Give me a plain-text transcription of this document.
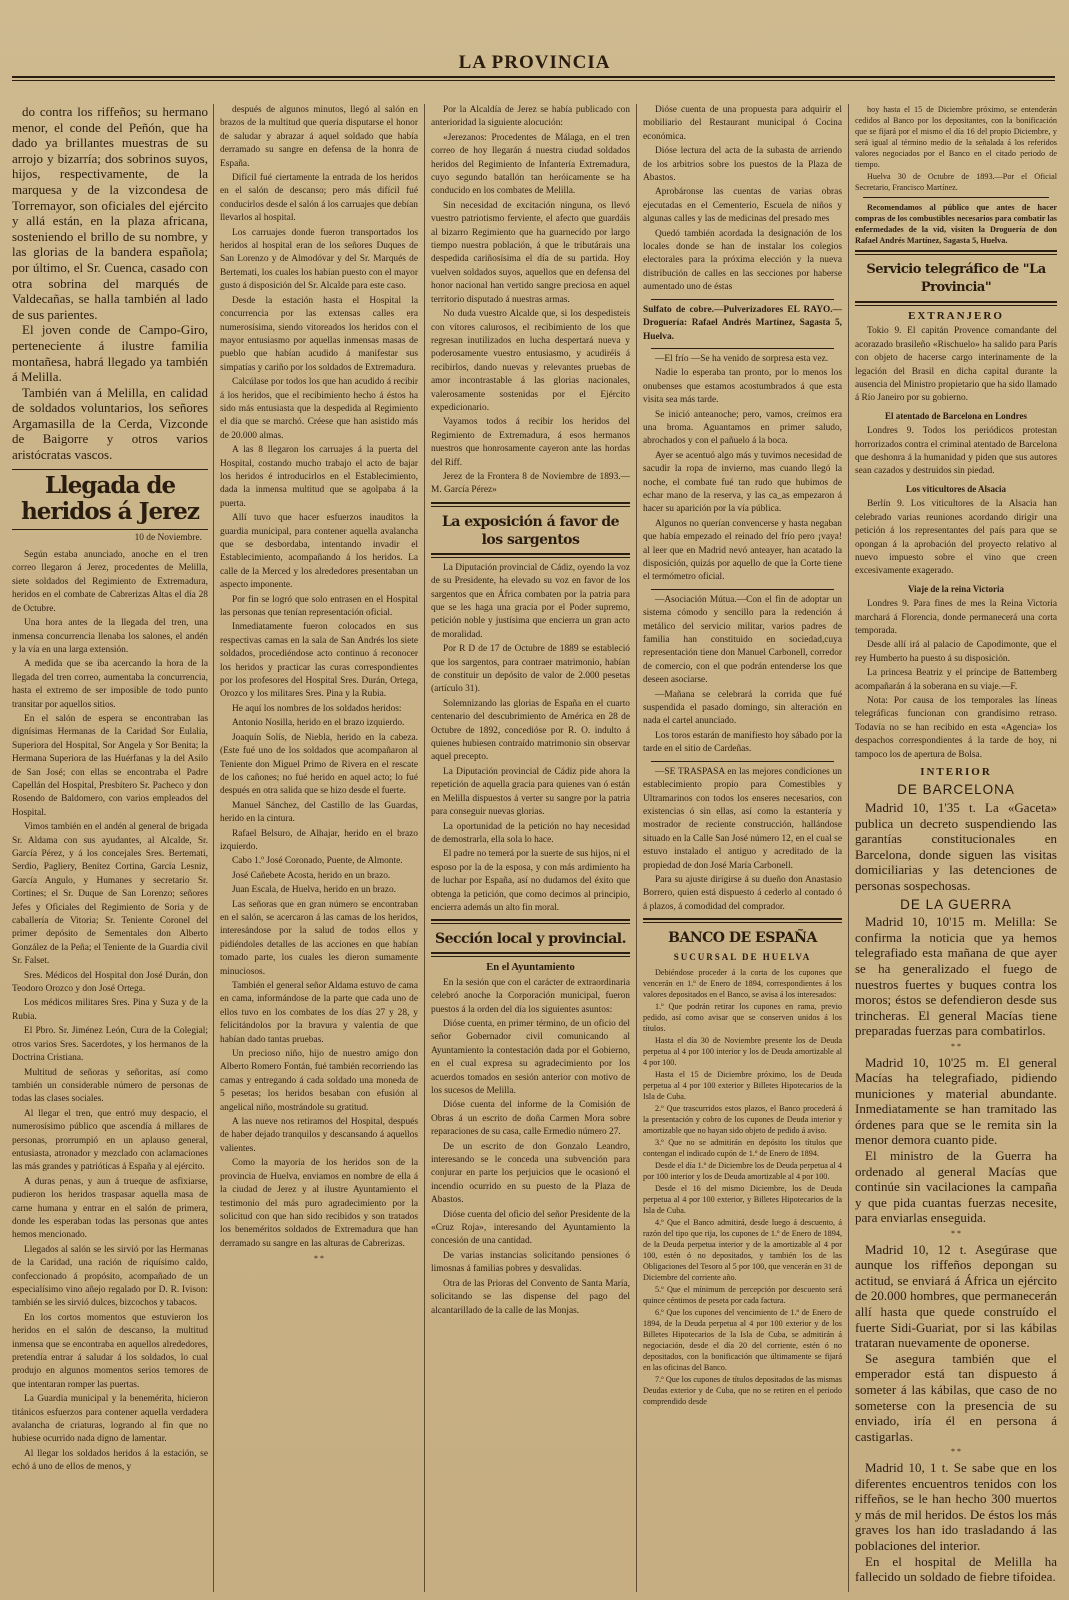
LA PROVINCIA

do contra los riffeños; su hermano menor, el conde del Peñón, que ha dado ya brillantes muestras de su arrojo y bizarría; dos sobrinos suyos, hijos, respectivamente, de la marquesa y de la vizcondesa de Torremayor, son oficiales del ejército y allá están, en la plaza africana, sosteniendo el brillo de su nombre, y las glorias de la bandera española; por último, el Sr. Cuenca, casado con otra sobrina del marqués de Valdecañas, se halla también al lado de sus parientes.

El joven conde de Campo-Giro, perteneciente á ilustre familia montañesa, habrá llegado ya también á Melilla.

También van á Melilla, en calidad de soldados voluntarios, los señores Argamasilla de la Cerda, Vizconde de Baigorre y otros varios aristócratas vascos.

Llegada de heridos á Jerez
10 de Noviembre.

Según estaba anunciado, anoche en el tren correo llegaron á Jerez, procedentes de Melilla, siete soldados del Regimiento de Extremadura, heridos en el combate de Cabrerizas Altas el día 28 de Octubre.

Una hora antes de la llegada del tren, una inmensa concurrencia llenaba los salones, el andén y la vía en una larga extensión.

A medida que se iba acercando la hora de la llegada del tren correo, aumentaba la concurrencia, hasta el extremo de ser imposible de todo punto transitar por aquellos sitios.

En el salón de espera se encontraban las dignísimas Hermanas de la Caridad Sor Eulalia, Superiora del Hospital, Sor Angela y Sor Benita; la Hermana Superiora de las Huérfanas y la del Asilo de San José; con ellas se encontraba el Padre Capellán del Hospital, Presbítero Sr. Pacheco y don Rosendo de Baldomero, con varios empleados del Hospital.

Vimos también en el andén al general de brigada Sr. Aldama con sus ayudantes, al Alcalde, Sr. García Pérez, y á los concejales Sres. Bertemati, Serdio, Pagliery, Benítez Cortina, García Lesniz, García Angulo, y Humanes y secretario Sr. Cortines; el Sr. Duque de San Lorenzo; señores Jefes y Oficiales del Regimiento de Soria y de caballería de Vitoria; Sr. Teniente Coronel del primer depósito de Sementales don Alberto González de la Peña; el Teniente de la Guardia civil Sr. Falset.

Sres. Médicos del Hospital don José Durán, don Teodoro Orozco y don José Ortega.

Los médicos militares Sres. Pina y Suza y de la Rubia.

El Pbro. Sr. Jiménez León, Cura de la Colegial; otros varios Sres. Sacerdotes, y los hermanos de la Doctrina Cristiana.

Multitud de señoras y señoritas, así como también un considerable número de personas de todas las clases sociales.

Al llegar el tren, que entró muy despacio, el numerosísimo público que ascendía á millares de personas, prorrumpió en un aplauso general, entusiasta, atronador y mezclado con aclamaciones las más grandes y patrióticas á España y al ejército.

A duras penas, y aun á trueque de asfixiarse, pudieron los heridos traspasar aquella masa de carne humana y entrar en el salón de primera, donde les esperaban todas las personas que antes hemos mencionado.

Llegados al salón se les sirvió por las Hermanas de la Caridad, una ración de riquísimo caldo, confeccionado á propósito, acompañado de un especialísimo vino añejo regalado por D. R. Ivison: también se les sirvió dulces, bizcochos y tabacos.

En los cortos momentos que estuvieron los heridos en el salón de descanso, la multitud inmensa que se encontraba en aquellos alrededores, pretendía entrar á saludar á los soldados, lo cual produjo en algunos momentos serios temores de que intentaran romper las puertas.

La Guardia municipal y la benemérita, hicieron titánicos esfuerzos para contener aquella verdadera avalancha de criaturas, logrando al fin que no hubiese ocurrido nada digno de lamentar.

Al llegar los soldados heridos á la estación, se echó á uno de ellos de menos, y

después de algunos minutos, llegó al salón en brazos de la multitud que quería disputarse el honor de saludar y abrazar á aquel soldado que había derramado su sangre en defensa de la honra de España.

Difícil fué ciertamente la entrada de los heridos en el salón de descanso; pero más difícil fué conducirlos desde el salón á los carruajes que debían llevarlos al hospital.

Los carruajes donde fueron transportados los heridos al hospital eran de los señores Duques de San Lorenzo y de Almodóvar y del Sr. Marqués de Bertemati, los cuales los habían puesto con el mayor gusto á disposición del Sr. Alcalde para este caso.

Desde la estación hasta el Hospital la concurrencia por las extensas calles era numerosísima, siendo vitoreados los heridos con el mayor entusiasmo por aquellas inmensas masas de pueblo que habían acudido á manifestar sus simpatías y cariño por los soldados de Extremadura.

Calcúlase por todos los que han acudido á recibir á los heridos, que el recibimiento hecho á éstos ha sido más entusiasta que la despedida al Regimiento el día que se marchó. Créese que han asistido más de 20.000 almas.

A las 8 llegaron los carruajes á la puerta del Hospital, costando mucho trabajo el acto de bajar los heridos é introducirlos en el Establecimiento, dada la inmensa multitud que se agolpaba á la puerta.

Allí tuvo que hacer esfuerzos inauditos la guardia municipal, para contener aquella avalancha que se desbordaba, intentando invadir el Establecimiento, acompañando á los heridos. La calle de la Merced y los alrededores presentaban un aspecto imponente.

Por fin se logró que solo entrasen en el Hospital las personas que tenían representación oficial.

Inmediatamente fueron colocados en sus respectivas camas en la sala de San Andrés los siete soldados, procediéndose acto continuo á reconocer los heridos y practicar las curas correspondientes por los profesores del Hospital Sres. Durán, Ortega, Orozco y los militares Sres. Pina y la Rubia.

He aquí los nombres de los soldados heridos:

Antonio Nosilla, herido en el brazo izquierdo.

Joaquín Solís, de Niebla, herido en la cabeza. (Este fué uno de los soldados que acompañaron al Teniente don Miguel Primo de Rivera en el rescate de los cañones; no fué herido en aquel acto; lo fué después en otra salida que se hizo desde el fuerte.

Manuel Sánchez, del Castillo de las Guardas, herido en la cintura.

Rafael Belsuro, de Alhajar, herido en el brazo izquierdo.

Cabo 1.º José Coronado, Puente, de Almonte.

José Cañebete Acosta, herido en un brazo.

Juan Escala, de Huelva, herido en un brazo.

Las señoras que en gran número se encontraban en el salón, se acercaron á las camas de los heridos, interesándose por la salud de todos ellos y pidiéndoles detalles de las acciones en que habían tomado parte, los cuales les dieron sumamente minuciosos.

También el general señor Aldama estuvo de cama en cama, informándose de la parte que cada uno de ellos tuvo en los combates de los días 27 y 28, y felicitándolos por la bravura y valentía de que habían dado tantas pruebas.

Un precioso niño, hijo de nuestro amigo don Alberto Romero Fontán, fué también recorriendo las camas y entregando á cada soldado una moneda de 5 pesetas; los heridos besaban con efusión al angelical niño, mostrándole su gratitud.

A las nueve nos retiramos del Hospital, después de haber dejado tranquilos y descansando á aquellos valientes.

Como la mayoría de los heridos son de la provincia de Huelva, enviamos en nombre de ella á la ciudad de Jerez y al ilustre Ayuntamiento el testimonio del más puro agradecimiento por la solicitud con que han sido recibidos y son tratados los beneméritos soldados de Extremadura que han derramado su sangre en las alturas de Cabrerizas.

* *

Por la Alcaldía de Jerez se había publicado con anterioridad la siguiente alocución:

«Jerezanos: Procedentes de Málaga, en el tren correo de hoy llegarán á nuestra ciudad soldados heridos del Regimiento de Infantería Extremadura, cuyo segundo batallón tan heróicamente se ha conducido en los combates de Melilla.

Sin necesidad de excitación ninguna, os llevó vuestro patriotismo ferviente, el afecto que guardáis al bizarro Regimiento que ha guarnecido por largo tiempo nuestra población, á que le tributárais una despedida cariñosísima el día de su partida. Hoy vuelven soldados suyos, aquellos que en defensa del honor nacional han vertido sangre preciosa en aquel territorio disputado á nuestras armas.

No duda vuestro Alcalde que, si los despedisteis con vítores calurosos, el recibimiento de los que regresan inutilizados en lucha despertará nueva y poderosamente vuestro entusiasmo, y acudiréis á recibirlos, dando nuevas y relevantes pruebas de amor incontrastable á las glorias nacionales, valerosamente sostenidas por el Ejército expedicionario.

Vayamos todos á recibir los heridos del Regimiento de Extremadura, á esos hermanos nuestros que honrosamente cayeron ante las hordas del Riff.

Jerez de la Frontera 8 de Noviembre de 1893.—M. García Pérez»

La exposición á favor de los sargentos

La Diputación provincial de Cádiz, oyendo la voz de su Presidente, ha elevado su voz en favor de los sargentos que en África combaten por la patria para que se les haga una gracia por el Poder supremo, petición noble y justísima que encierra un gran acto de moralidad.

Por R D de 17 de Octubre de 1889 se estableció que los sargentos, para contraer matrimonio, habían de constituir un depósito de valor de 2.000 pesetas (artículo 31).

Solemnizando las glorias de España en el cuarto centenario del descubrimiento de América en 28 de Octubre de 1892, concedióse por R. O. indulto á quienes hubiesen contraído matrimonio sin observar aquel precepto.

La Diputación provincial de Cádiz pide ahora la repetición de aquella gracia para quienes van ó están en Melilla dispuestos á verter su sangre por la patria para conseguir nuevas glorias.

La oportunidad de la petición no hay necesidad de demostrarla, ella sola lo hace.

El padre no temerá por la suerte de sus hijos, ni el esposo por la de la esposa, y con más ardimiento ha de luchar por España, así no dudamos del éxito que obtenga la petición, que como decimos al principio, encierra además un alto fin moral.

Sección local y provincial.
En el Ayuntamiento

En la sesión que con el carácter de extraordinaria celebró anoche la Corporación municipal, fueron puestos á la orden del día los siguientes asuntos:

Dióse cuenta, en primer término, de un oficio del señor Gobernador civil comunicando al Ayuntamiento la contestación dada por el Gobierno, en el cual expresa su agradecimiento por los acuerdos tomados en sesión anterior con motivo de los sucesos de Melilla.

Dióse cuenta del informe de la Comisión de Obras á un escrito de doña Carmen Mora sobre reparaciones de su casa, calle Ermedio número 27.

De un escrito de don Gonzalo Leandro, interesando se le conceda una subvención para conjurar en parte los perjuicios que le ocasionó el incendio ocurrido en su puesto de la Plaza de Abastos.

Dióse cuenta del oficio del señor Presidente de la «Cruz Roja», interesando del Ayuntamiento la concesión de una cantidad.

De varias instancias solicitando pensiones ó limosnas á familias pobres y desvalidas.

Otra de las Prioras del Convento de Santa María, solicitando se las dispense del pago del alcantarillado de la calle de las Monjas.

Dióse cuenta de una propuesta para adquirir el mobiliario del Restaurant municipal ó Cocina económica.

Dióse lectura del acta de la subasta de arriendo de los arbitrios sobre los puestos de la Plaza de Abastos.

Aprobáronse las cuentas de varias obras ejecutadas en el Cementerio, Escuela de niños y algunas calles y las de medicinas del presado mes

Quedó también acordada la designación de los locales donde se han de instalar los colegios electorales para la próxima elección y la nueva distribución de calles en las secciones por haberse aumentado uno de éstas

Sulfato de cobre.—Pulverizadores EL RAYO.—Droguería: Rafael Andrés Martínez, Sagasta 5, Huelva.

—El frío —Se ha venido de sorpresa esta vez.

Nadie lo esperaba tan pronto, por lo menos los onubenses que estamos acostumbrados á que esta visita sea más tarde.

Se inició anteanoche; pero, vamos, creímos era una broma. Aguantamos en primer saludo, abrochados y con el pañuelo á la boca.

Ayer se acentuó algo más y tuvimos necesidad de sacudir la ropa de invierno, mas cuando llegó la noche, el combate fué tan rudo que hubimos de echar mano de la reserva, y las ca_as empezaron á hacer su aparición por la vía pública.

Algunos no querían convencerse y hasta negaban que había empezado el reinado del frío pero ¡vaya! al leer que en Madrid nevó anteayer, han acatado la disposición, quizás por aquello de que la Corte tiene el termómetro oficial.

—Asociación Mútua.—Con el fin de adoptar un sistema cómodo y sencillo para la redención á metálico del servicio militar, varios padres de familia han constituido en sociedad,cuya representación tiene don Manuel Carbonell, corredor de comercio, con el que podrán entenderse los que deseen asociarse.

—Mañana se celebrará la corrida que fué suspendida el pasado domingo, sin alteración en nada el cartel anunciado.

Los toros estarán de manifiesto hoy sábado por la tarde en el sitio de Cardeñas.

—SE TRASPASA en las mejores condiciones un establecimiento propio para Comestibles y Ultramarinos con todos los enseres necesarios, con existencias ó sin ellas, así como la estantería y mostrador de reciente construcción, hallándose situado en la Calle San José número 12, en el cual se estuvo instalado el antiguo y acreditado de la propiedad de don José María Carbonell.

Para su ajuste dirigirse á su dueño don Anastasio Borrero, quien está dispuesto á cederlo al contado ó á plazos, á comodidad del comprador.

BANCO DE ESPAÑA
SUCURSAL DE HUELVA

Debiéndose proceder á la corta de los cupones que vencerán en 1.º de Enero de 1894, correspondientes á los valores depositados en el Banco, se avisa á los interesados:

1.º Que podrán retirar los cupones en rama, previo pedido, así como avisar que se conserven unidos á los títulos.

Hasta el día 30 de Noviembre presente los de Deuda perpetua al 4 por 100 interior y los de Deuda amortizable al 4 por 100.

Hasta el 15 de Diciembre próximo, los de Deuda perpetua al 4 por 100 exterior y Billetes Hipotecarios de la Isla de Cuba.

2.º Que trascurridos estos plazos, el Banco procederá á la presentación y cobro de los cupones de Deuda interior y amortizable que no hayan sido objeto de pedido á aviso.

3.º Que no se admitirán en depósito los títulos que contengan el indicado cupón de 1.º de Enero de 1894.

Desde el día 1.º de Diciembre los de Deuda perpetua al 4 por 100 interior y los de Deuda amortizable al 4 por 100.

Desde el 16 del mismo Diciembre, los de Deuda perpetua al 4 por 100 exterior, y Billetes Hipotecarios de la Isla de Cuba.

4.º Que el Banco admitirá, desde luego á descuento, á razón del tipo que rija, los cupones de 1.º de Enero de 1894, de la Deuda perpetua interior y de la amortizable al 4 por 100, estén ó no depositados, y también los de las Obligaciones del Tesoro al 5 por 100, que vencerán en 31 de Diciembre del corriente año.

5.º Que el mínimum de percepción por descuento será quince céntimos de peseta por cada factura.

6.º Que los cupones del vencimiento de 1.º de Enero de 1894, de la Deuda perpetua al 4 por 100 exterior y de los Billetes Hipotecarios de la Isla de Cuba, se admitirán á negociación, desde el día 20 del corriente, estén ó no depositados, con la bonificación que últimamente se fijará en las oficinas del Banco.

7.º Que los cupones de títulos depositados de las mismas Deudas exterior y de Cuba, que no se retiren en el periodo comprendido desde

hoy hasta el 15 de Diciembre próximo, se entenderán cedidos al Banco por los depositantes, con la bonificación que se fijará por el mismo el día 16 del propio Diciembre, y será igual al término medio de la señalada á los referidos valores negociados por el Banco en el citado periodo de tiempo.

Huelva 30 de Octubre de 1893.—Por el Oficial Secretario, Francisco Martínez.

Recomendamos al público que antes de hacer compras de los combustibles necesarios para combatir las enfermedades de la vid, visiten la Droguería de don Rafael Andrés Martínez, Sagasta 5, Huelva.

Servicio telegráfico de "La Provincia"
EXTRANJERO

Tokio 9. El capitán Provence comandante del acorazado brasileño «Rischuelo» ha salido para París con objeto de hacerse cargo interinamente de la legación del Brasil en dicha capital durante la ausencia del Ministro propietario que ha sido llamado á Río Janeiro por su gobierno.

El atentado de Barcelona en Londres

Londres 9. Todos los periódicos protestan horrorizados contra el criminal atentado de Barcelona que deshonra á la humanidad y piden que sus autores sean cazados y destruidos sin piedad.

Los viticultores de Alsacia

Berlín 9. Los viticultores de la Alsacia han celebrado varias reuniones acordando dirigir una petición á los representantes del país para que se opongan á la aprobación del proyecto relativo al nuevo impuesto sobre el vino que creen excesivamente exagerado.

Viaje de la reina Victoria

Londres 9. Para fines de mes la Reina Victoria marchará á Florencia, donde permanecerá una corta temporada.

Desde allí irá al palacio de Capodimonte, que el rey Humberto ha puesto á su disposición.

La princesa Beatriz y el príncipe de Battemberg acompañarán á la soberana en su viaje.—F.

Nota: Por causa de los temporales las líneas telegráficas funcionan con grandísimo retraso. Todavía no se han recibido en esta «Agencia» los despachos correspondientes á la tarde de hoy, ni tampoco los de apertura de Bolsa.

INTERIOR
DE BARCELONA

Madrid 10, 1'35 t. La «Gaceta» publica un decreto suspendiendo las garantías constitucionales en Barcelona, donde siguen las visitas domiciliarias y las detenciones de personas sospechosas.

DE LA GUERRA

Madrid 10, 10'15 m. Melilla: Se confirma la noticia que ya hemos telegrafiado esta mañana de que ayer se ha generalizado el fuego de nuestros fuertes y buques contra los moros; éstos se defendieron desde sus trincheras. El general Macías tiene preparadas fuerzas para combatirlos.

* *

Madrid 10, 10'25 m. El general Macías ha telegrafiado, pidiendo municiones y material abundante. Inmediatamente se han tramitado las órdenes para que se le remita sin la menor demora cuanto pide.

El ministro de la Guerra ha ordenado al general Macías que continúe sin vacilaciones la campaña y que pida cuantas fuerzas necesite, para enviarlas enseguida.

* *

Madrid 10, 12 t. Asegúrase que aunque los riffeños depongan su actitud, se enviará á África un ejército de 20.000 hombres, que permanecerán allí hasta que quede construído el fuerte Sidi-Guariat, por si las kábilas trataran nuevamente de oponerse.

Se asegura también que el emperador está tan dispuesto á someter á las kábilas, que caso de no someterse con la presencia de su enviado, iría él en persona á castigarlas.

* *

Madrid 10, 1 t. Se sabe que en los diferentes encuentros tenidos con los riffeños, se le han hecho 300 muertos y más de mil heridos. De éstos los más graves los han ido trasladando á las poblaciones del interior.

En el hospital de Melilla ha fallecido un soldado de fiebre tifoidea.
